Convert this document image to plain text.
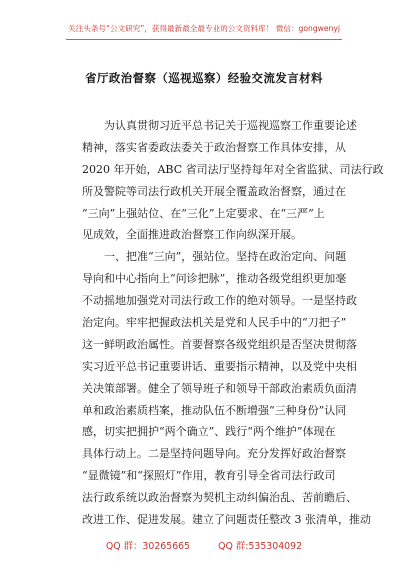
关注头条号“公文研究”，获得最新最全最专业的公文资料库！ 微信：gongwenyj
省厅政治督察（巡视巡察）经验交流发言材料
　　为认真贯彻习近平总书记关于巡视巡察工作重要论述
精神，落实省委政法委关于政治督察工作具体安排，从
2020 年开始，ABC 省司法厅坚持每年对全省监狱、司法行政
所及警院等司法行政机关开展全覆盖政治督察，通过在
“三向”上强站位、在“三化”上定要求、在“三严”上
见成效，全面推进政治督察工作向纵深开展。
　　一、把准“三向”，强站位。坚持在政治定向、问题
导向和中心指向上“问诊把脉”，推动各级党组织更加毫
不动摇地加强党对司法行政工作的绝对领导。一是坚持政
治定向。牢牢把握政法机关是党和人民手中的“刀把子”
这一鲜明政治属性。首要督察各级党组织是否坚决贯彻落
实习近平总书记重要讲话、重要指示精神，以及党中央相
关决策部署。健全了领导班子和领导干部政治素质负面清
单和政治素质档案，推动队伍不断增强“三种身份”认同
感，切实把拥护“两个确立”、践行“两个维护”体现在
具体行动上。二是坚持问题导向。充分发挥好政治督察
“显微镜”和“探照灯”作用，教育引导全省司法行政司
法行政系统以政治督察为契机主动纠偏治乱、苦前瞻后、
改进工作、促进发展。建立了问题责任整改 3 张清单，推动
QQ 群：30265665	QQ 群:535304092
